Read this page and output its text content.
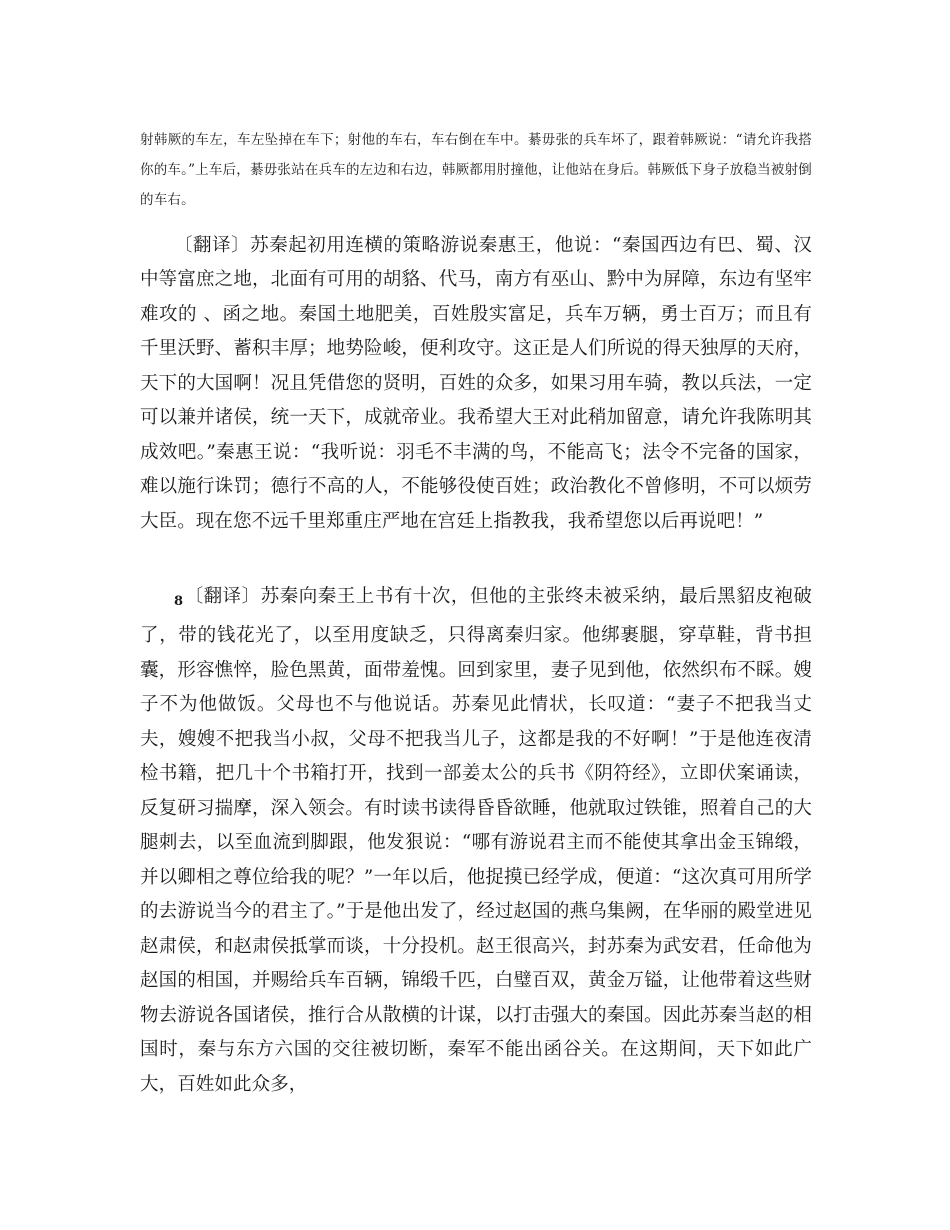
射韩厥的车左，车左坠掉在车下；射他的车右，车右倒在车中。綦毋张的兵车坏了，跟着韩厥说：“请允许我搭你的车。”上车后，綦毋张站在兵车的左边和右边，韩厥都用肘撞他，让他站在身后。韩厥低下身子放稳当被射倒的车右。

〔翻译〕苏秦起初用连横的策略游说秦惠王，他说：“秦国西边有巴、蜀、汉中等富庶之地，北面有可用的胡貉、代马，南方有巫山、黔中为屏障，东边有坚牢难攻的 、函之地。秦国土地肥美，百姓殷实富足，兵车万辆，勇士百万；而且有千里沃野、蓄积丰厚；地势险峻，便利攻守。这正是人们所说的得天独厚的天府，天下的大国啊！况且凭借您的贤明，百姓的众多，如果习用车骑，教以兵法，一定可以兼并诸侯，统一天下，成就帝业。我希望大王对此稍加留意，请允许我陈明其成效吧。”秦惠王说：“我听说：羽毛不丰满的鸟，不能高飞；法令不完备的国家，难以施行诛罚；德行不高的人，不能够役使百姓；政治教化不曾修明，不可以烦劳大臣。现在您不远千里郑重庄严地在宫廷上指教我，我希望您以后再说吧！”

8〔翻译〕苏秦向秦王上书有十次，但他的主张终未被采纳，最后黑貂皮袍破了，带的钱花光了，以至用度缺乏，只得离秦归家。他绑裹腿，穿草鞋，背书担囊，形容憔悴，脸色黑黄，面带羞愧。回到家里，妻子见到他，依然织布不睬。嫂子不为他做饭。父母也不与他说话。苏秦见此情状，长叹道：“妻子不把我当丈夫，嫂嫂不把我当小叔，父母不把我当儿子，这都是我的不好啊！”于是他连夜清检书籍，把几十个书箱打开，找到一部姜太公的兵书《阴符经》，立即伏案诵读，反复研习揣摩，深入领会。有时读书读得昏昏欲睡，他就取过铁锥，照着自己的大腿刺去，以至血流到脚跟，他发狠说：“哪有游说君主而不能使其拿出金玉锦缎，并以卿相之尊位给我的呢？”一年以后，他捉摸已经学成，便道：“这次真可用所学的去游说当今的君主了。”于是他出发了，经过赵国的燕乌集阙，在华丽的殿堂进见赵肃侯，和赵肃侯抵掌而谈，十分投机。赵王很高兴，封苏秦为武安君，任命他为赵国的相国，并赐给兵车百辆，锦缎千匹，白璧百双，黄金万镒，让他带着这些财物去游说各国诸侯，推行合从散横的计谋，以打击强大的秦国。因此苏秦当赵的相国时，秦与东方六国的交往被切断，秦军不能出函谷关。在这期间，天下如此广大，百姓如此众多，
